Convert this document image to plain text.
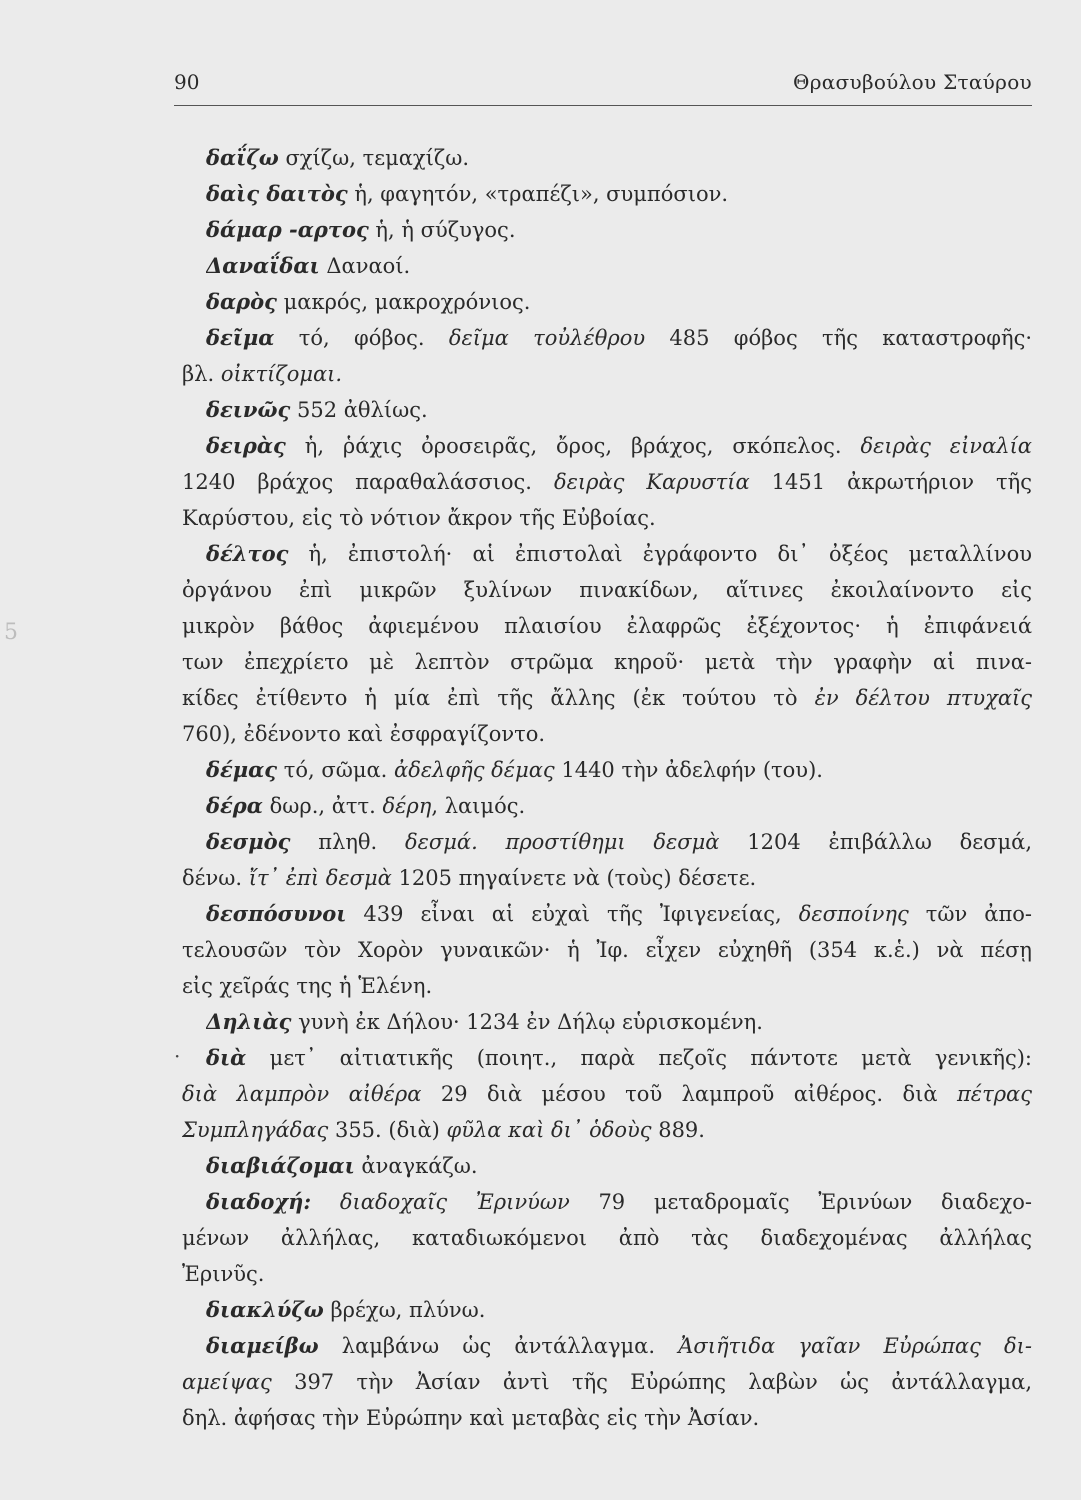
90	Θρασυβούλου Σταύρου
5
·
δαΐζω σχίζω, τεμαχίζω.
δαὶς δαιτὸς ἡ, φαγητόν, «τραπέζι», συμπόσιον.
δάμαρ -αρτος ἡ, ἡ σύζυγος.
Δαναΐδαι Δαναοί.
δαρὸς μακρός, μακροχρόνιος.
δεῖμα τό, φόβος. δεῖμα τοὐλέθρου 485 φόβος τῆς καταστροφῆς·
βλ. οἰκτίζομαι.
δεινῶς 552 ἀθλίως.
δειρὰς ἡ, ῥάχις ὀροσειρᾶς, ὄρος, βράχος, σκόπελος. δειρὰς εἰναλία
1240 βράχος παραθαλάσσιος. δειρὰς Καρυστία 1451 ἀκρωτήριον τῆς
Καρύστου, εἰς τὸ νότιον ἄκρον τῆς Εὐβοίας.
δέλτος ἡ, ἐπιστολή· αἱ ἐπιστολαὶ ἐγράφοντο δι᾽ ὀξέος μεταλλίνου
ὀργάνου ἐπὶ μικρῶν ξυλίνων πινακίδων, αἵτινες ἐκοιλαίνοντο εἰς
μικρὸν βάθος ἀφιεμένου πλαισίου ἐλαφρῶς ἐξέχοντος· ἡ ἐπιφάνειά
των ἐπεχρίετο μὲ λεπτὸν στρῶμα κηροῦ· μετὰ τὴν γραφὴν αἱ πινα-
κίδες ἐτίθεντο ἡ μία ἐπὶ τῆς ἄλλης (ἐκ τούτου τὸ ἐν δέλτου πτυχαῖς
760), ἐδένοντο καὶ ἐσφραγίζοντο.
δέμας τό, σῶμα. ἀδελφῆς δέμας 1440 τὴν ἀδελφήν (του).
δέρα δωρ., ἀττ. δέρη, λαιμός.
δεσμὸς πληθ. δεσμά. προστίθημι δεσμὰ 1204 ἐπιβάλλω δεσμά,
δένω. ἴτ᾽ ἐπὶ δεσμὰ 1205 πηγαίνετε νὰ (τοὺς) δέσετε.
δεσπόσυνοι 439 εἶναι αἱ εὐχαὶ τῆς Ἰφιγενείας, δεσποίνης τῶν ἀπο-
τελουσῶν τὸν Χορὸν γυναικῶν· ἡ Ἰφ. εἶχεν εὐχηθῆ (354 κ.ἑ.) νὰ πέσῃ
εἰς χεῖράς της ἡ Ἑλένη.
Δηλιὰς γυνὴ ἐκ Δήλου· 1234 ἐν Δήλῳ εὑρισκομένη.
διὰ μετ᾽ αἰτιατικῆς (ποιητ., παρὰ πεζοῖς πάντοτε μετὰ γενικῆς):
διὰ λαμπρὸν αἰθέρα 29 διὰ μέσου τοῦ λαμπροῦ αἰθέρος. διὰ πέτρας
Συμπληγάδας 355. (διὰ) φῦλα καὶ δι᾽ ὁδοὺς 889.
διαβιάζομαι ἀναγκάζω.
διαδοχή: διαδοχαῖς Ἐρινύων 79 μεταδρομαῖς Ἐρινύων διαδεχο-
μένων ἀλλήλας, καταδιωκόμενοι ἀπὸ τὰς διαδεχομένας ἀλλήλας
Ἐρινῦς.
διακλύζω βρέχω, πλύνω.
διαμείβω λαμβάνω ὡς ἀντάλλαγμα. Ἀσιῆτιδα γαῖαν Εὐρώπας δι-
αμείψας 397 τὴν Ἀσίαν ἀντὶ τῆς Εὐρώπης λαβὼν ὡς ἀντάλλαγμα,
δηλ. ἀφήσας τὴν Εὐρώπην καὶ μεταβὰς εἰς τὴν Ἀσίαν.
